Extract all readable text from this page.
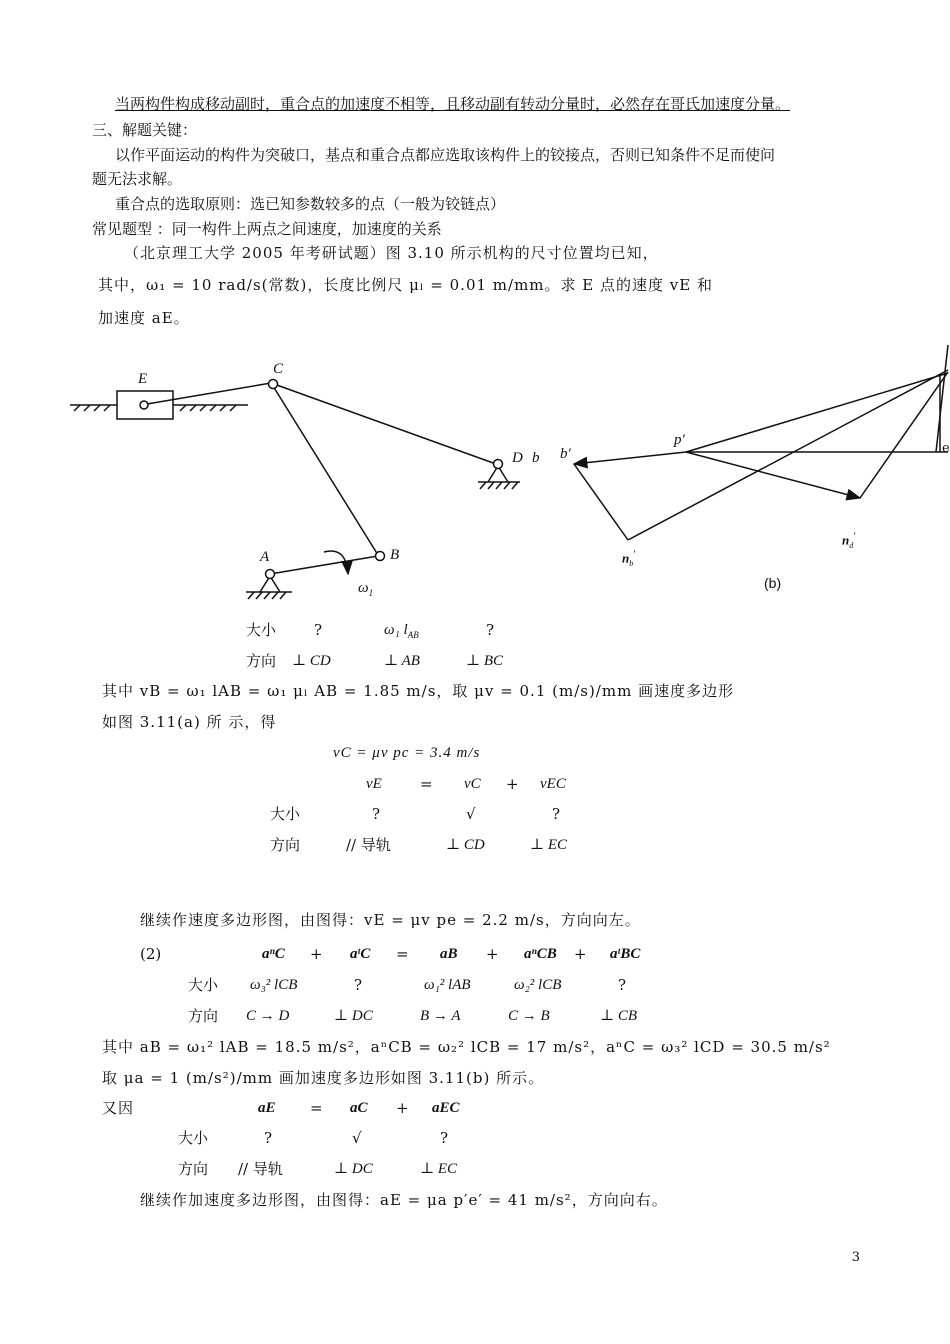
当两构件构成移动副时，重合点的加速度不相等，且移动副有转动分量时，必然存在哥氏加速度分量。
三、解题关键：
以作平面运动的构件为突破口，基点和重合点都应选取该构件上的铰接点，否则已知条件不足而使问
题无法求解。
重合点的选取原则：选已知参数较多的点（一般为铰链点）
常见题型 ：同一构件上两点之间速度，加速度的关系
（北京理工大学 2005 年考研试题）图 3.10 所示机构的尺寸位置均已知，
其中，ω₁ = 10 rad/s(常数)，长度比例尺 μₗ = 0.01 m/mm。求 E 点的速度 vE 和
加速度 aE。
E
C
D b
A	B
$\omega_1$
b′
p′
$n_b'$
$n_d'$
e
(b)
大小	?	ω₁ $l_{AB}$	?
方向 ⊥ CD	⊥ AB	⊥ BC
其中 vB = ω₁ lAB = ω₁ μₗ AB = 1.85 m/s，取 μv = 0.1 (m/s)/mm 画速度多边形
如图 3.11(a) 所 示，得
vC = μv pc = 3.4 m/s
vE	= vC + vEC
大小	?	√	?
方向	// 导轨	⊥ CD	⊥ EC
继续作速度多边形图，由图得：vE = μv pe = 2.2 m/s，方向向左。
(2)	aⁿC + aᵗC = aB + aⁿCB + aᵗBC
大小 ω₃² lCB	?	ω₁² lAB	ω₂² lCB	?
方向 C → D	⊥ DC	B → A	C → B	⊥ CB
其中 aB = ω₁² lAB = 18.5 m/s²，aⁿCB = ω₂² lCB = 17 m/s²，aⁿC = ω₃² lCD = 30.5 m/s²
取 μa = 1 (m/s²)/mm 画加速度多边形如图 3.11(b) 所示。
又因	aE = aC + aEC
大小	?	√	?
方向 // 导轨	⊥ DC	⊥ EC
继续作加速度多边形图，由图得：aE = μa p′e′ = 41 m/s²，方向向右。
3
